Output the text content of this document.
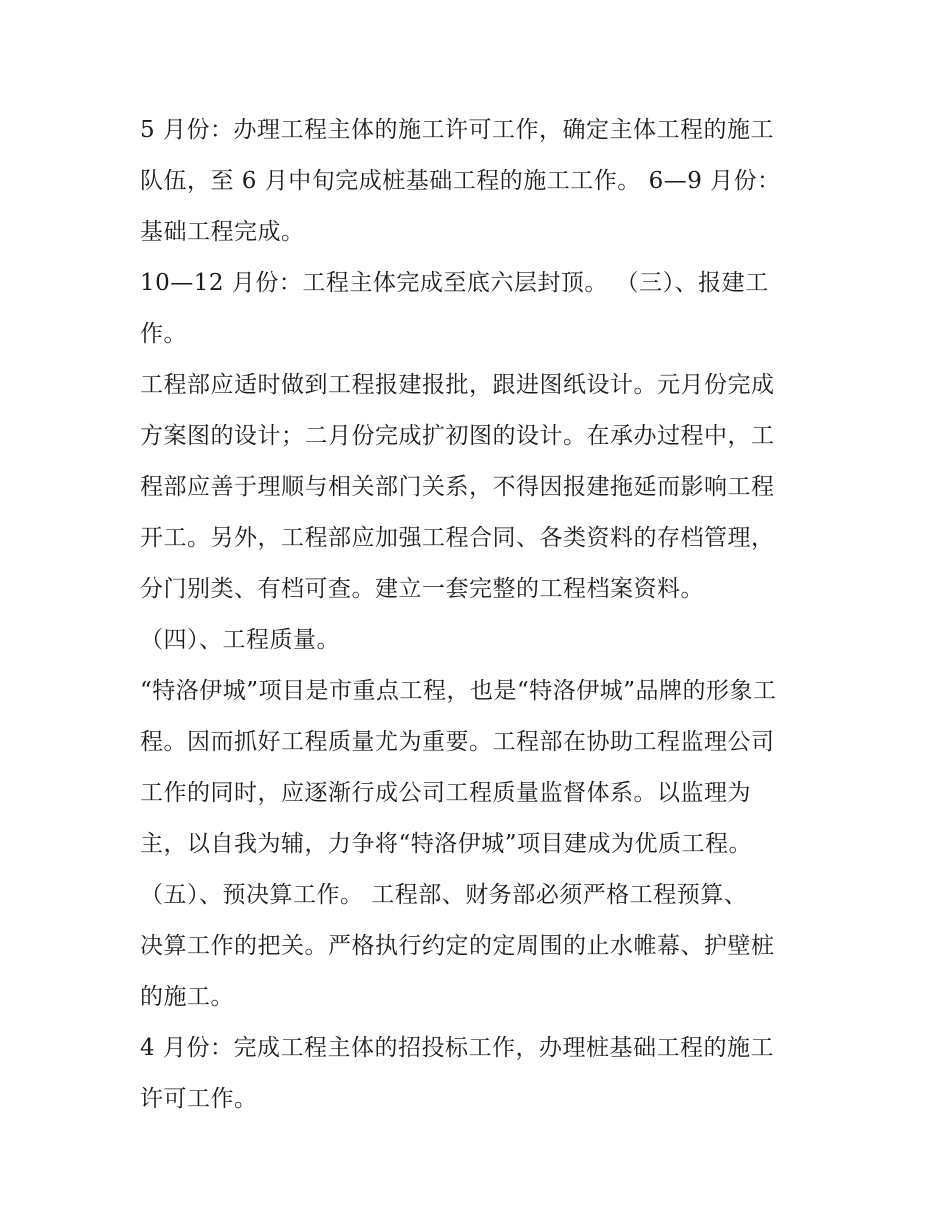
5 月份：办理工程主体的施工许可工作，确定主体工程的施工
队伍，至 6 月中旬完成桩基础工程的施工工作。 6—9 月份：
基础工程完成。
10—12 月份：工程主体完成至底六层封顶。 （三）、报建工
作。
工程部应适时做到工程报建报批，跟进图纸设计。元月份完成
方案图的设计；二月份完成扩初图的设计。在承办过程中，工
程部应善于理顺与相关部门关系，不得因报建拖延而影响工程
开工。另外，工程部应加强工程合同、各类资料的存档管理，
分门别类、有档可查。建立一套完整的工程档案资料。
（四）、工程质量。
“特洛伊城”项目是市重点工程，也是“特洛伊城”品牌的形象工
程。因而抓好工程质量尤为重要。工程部在协助工程监理公司
工作的同时，应逐渐行成公司工程质量监督体系。以监理为
主，以自我为辅，力争将“特洛伊城”项目建成为优质工程。
（五）、预决算工作。 工程部、财务部必须严格工程预算、
决算工作的把关。严格执行约定的定周围的止水帷幕、护壁桩
的施工。
4 月份：完成工程主体的招投标工作，办理桩基础工程的施工
许可工作。
